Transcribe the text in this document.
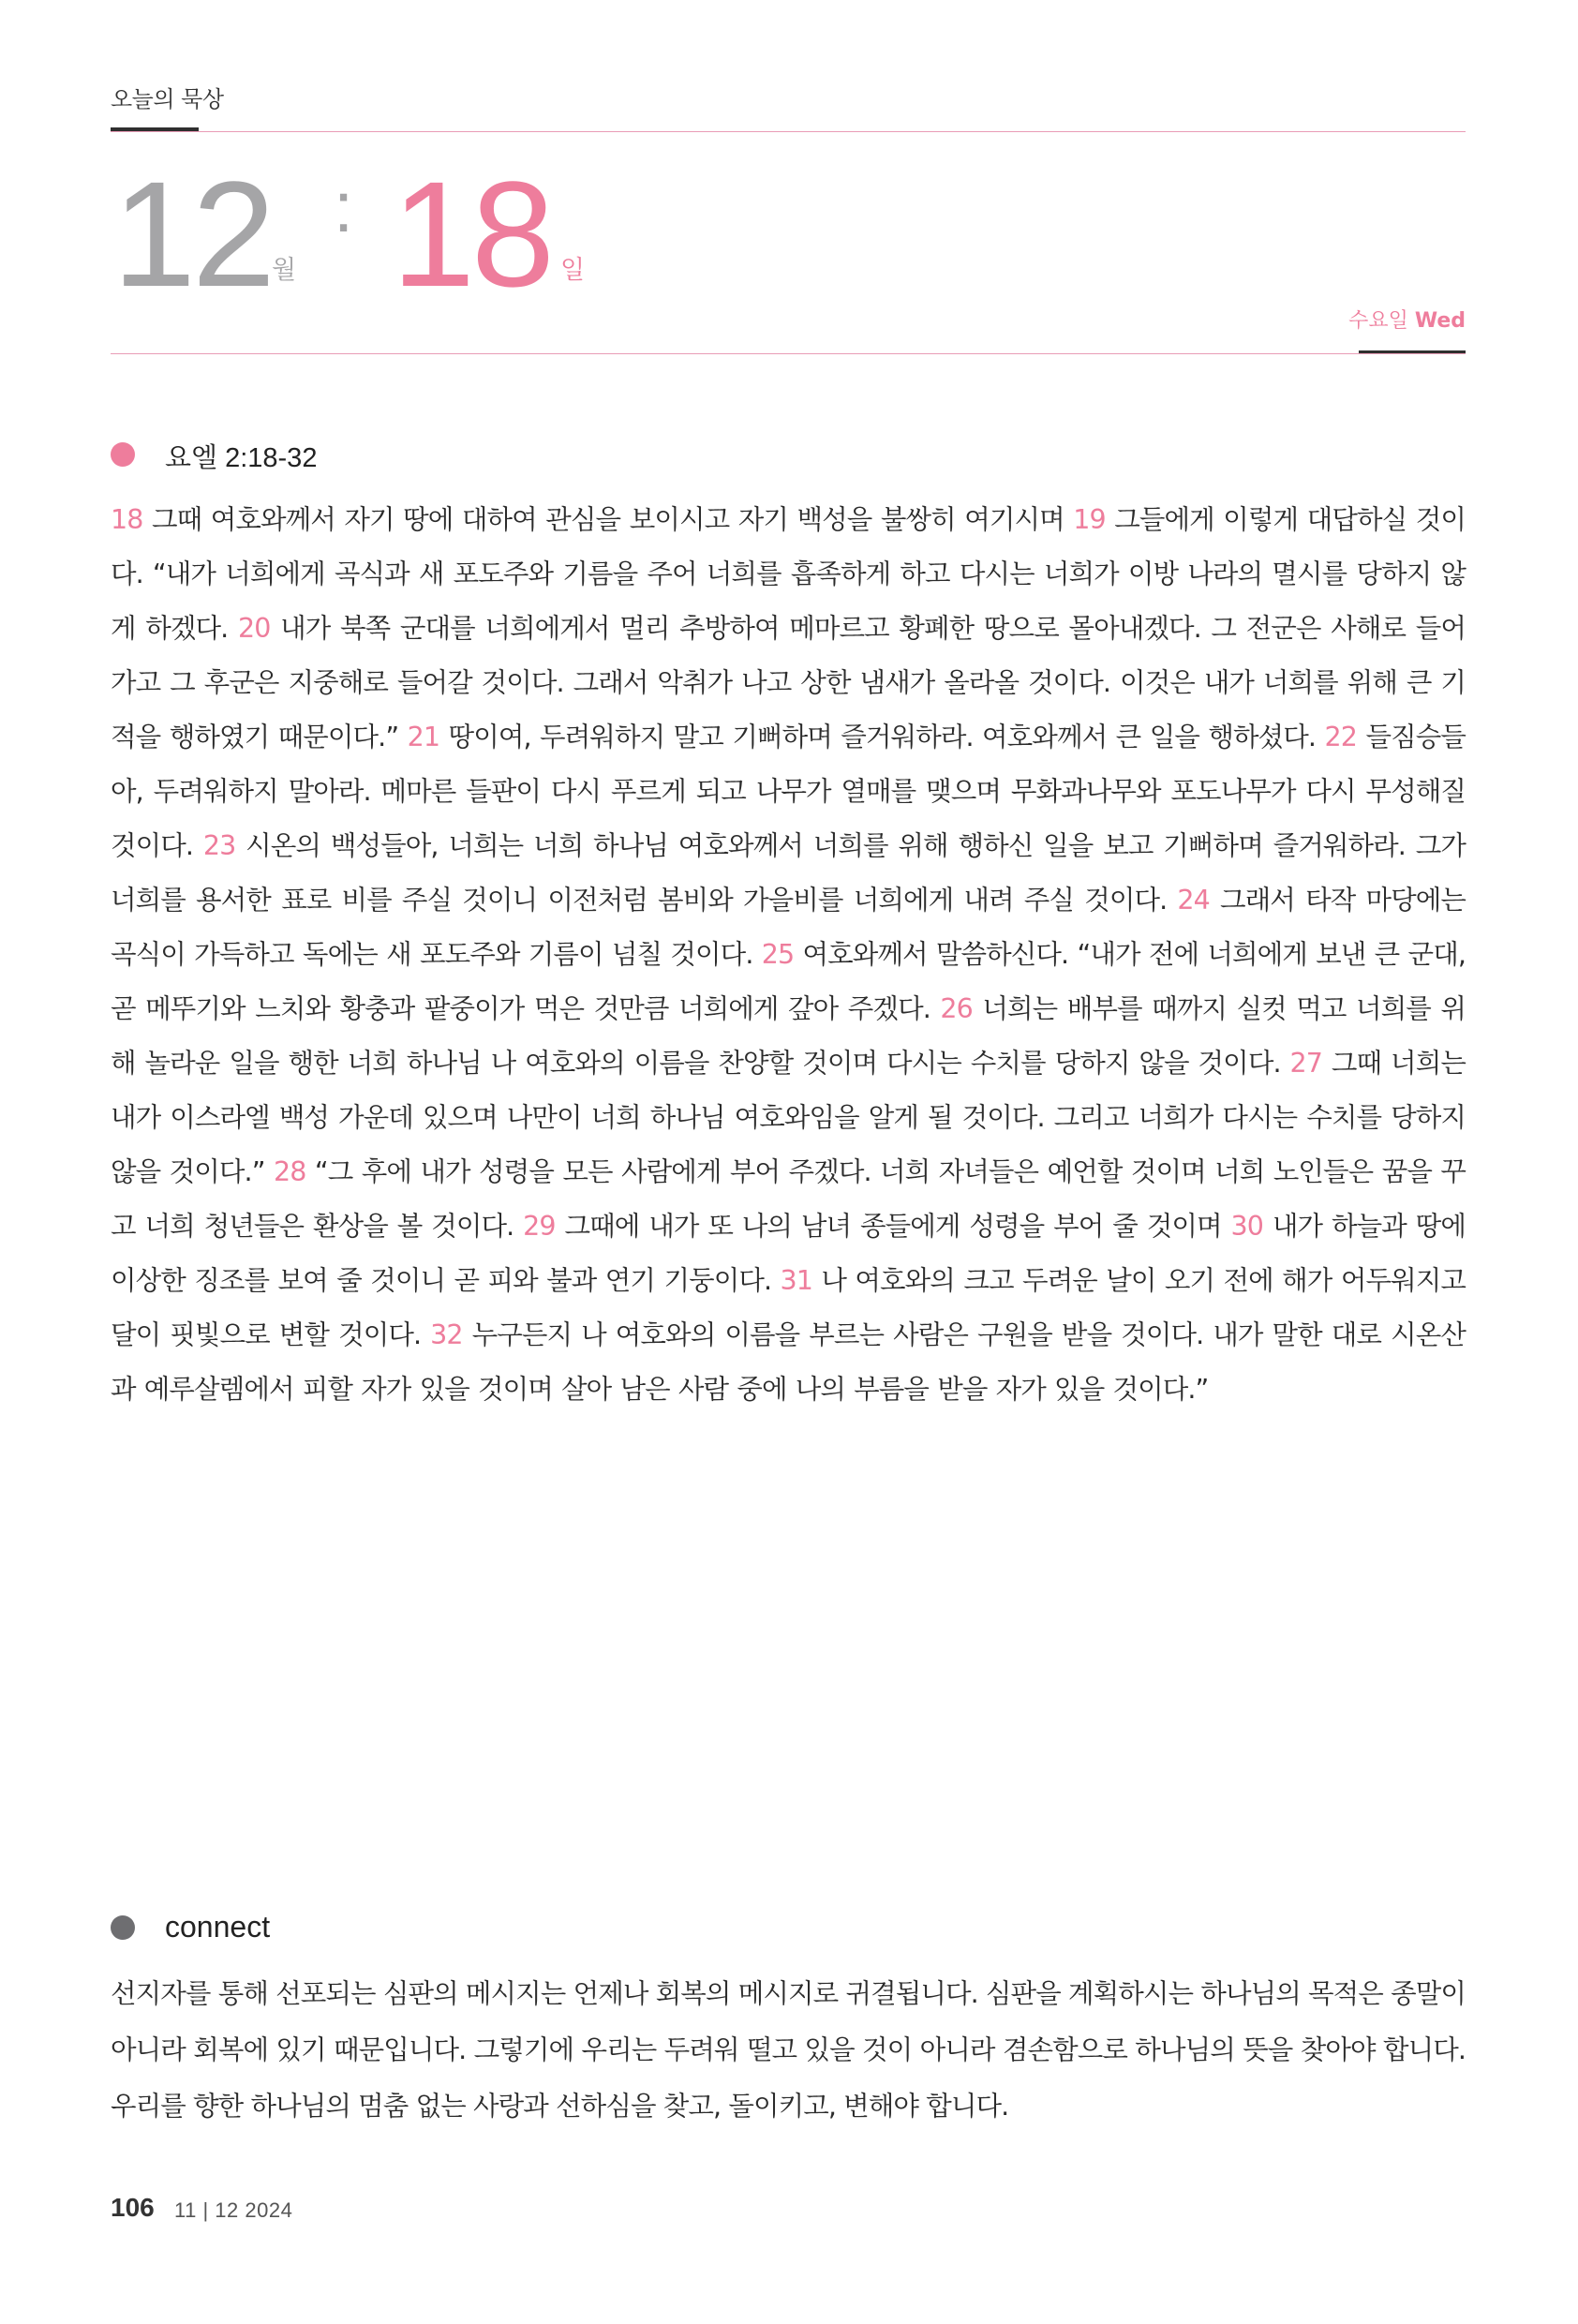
오늘의 묵상
12 월
: 18 일
수요일 Wed
요엘 2:18-32
18 그때 여호와께서 자기 땅에 대하여 관심을 보이시고 자기 백성을 불쌍히 여기시며 19 그들에게 이렇게 대답하실 것이다. “내가 너희에게 곡식과 새 포도주와 기름을 주어 너희를 흡족하게 하고 다시는 너희가 이방 나라의 멸시를 당하지 않게 하겠다. 20 내가 북쪽 군대를 너희에게서 멀리 추방하여 메마르고 황폐한 땅으로 몰아내겠다. 그 전군은 사해로 들어가고 그 후군은 지중해로 들어갈 것이다. 그래서 악취가 나고 상한 냄새가 올라올 것이다. 이것은 내가 너희를 위해 큰 기적을 행하였기 때문이다.” 21 땅이여, 두려워하지 말고 기뻐하며 즐거워하라. 여호와께서 큰 일을 행하셨다. 22 들짐승들아, 두려워하지 말아라. 메마른 들판이 다시 푸르게 되고 나무가 열매를 맺으며 무화과나무와 포도나무가 다시 무성해질 것이다. 23 시온의 백성들아, 너희는 너희 하나님 여호와께서 너희를 위해 행하신 일을 보고 기뻐하며 즐거워하라. 그가 너희를 용서한 표로 비를 주실 것이니 이전처럼 봄비와 가을비를 너희에게 내려 주실 것이다. 24 그래서 타작 마당에는 곡식이 가득하고 독에는 새 포도주와 기름이 넘칠 것이다. 25 여호와께서 말씀하신다. “내가 전에 너희에게 보낸 큰 군대, 곧 메뚜기와 느치와 황충과 팥중이가 먹은 것만큼 너희에게 갚아 주겠다. 26 너희는 배부를 때까지 실컷 먹고 너희를 위해 놀라운 일을 행한 너희 하나님 나 여호와의 이름을 찬양할 것이며 다시는 수치를 당하지 않을 것이다. 27 그때 너희는 내가 이스라엘 백성 가운데 있으며 나만이 너희 하나님 여호와임을 알게 될 것이다. 그리고 너희가 다시는 수치를 당하지 않을 것이다.” 28 “그 후에 내가 성령을 모든 사람에게 부어 주겠다. 너희 자녀들은 예언할 것이며 너희 노인들은 꿈을 꾸고 너희 청년들은 환상을 볼 것이다. 29 그때에 내가 또 나의 남녀 종들에게 성령을 부어 줄 것이며 30 내가 하늘과 땅에 이상한 징조를 보여 줄 것이니 곧 피와 불과 연기 기둥이다. 31 나 여호와의 크고 두려운 날이 오기 전에 해가 어두워지고 달이 핏빛으로 변할 것이다. 32 누구든지 나 여호와의 이름을 부르는 사람은 구원을 받을 것이다. 내가 말한 대로 시온산과 예루살렘에서 피할 자가 있을 것이며 살아 남은 사람 중에 나의 부름을 받을 자가 있을 것이다.”
connect
선지자를 통해 선포되는 심판의 메시지는 언제나 회복의 메시지로 귀결됩니다. 심판을 계획하시는 하나님의 목적은 종말이 아니라 회복에 있기 때문입니다. 그렇기에 우리는 두려워 떨고 있을 것이 아니라 겸손함으로 하나님의 뜻을 찾아야 합니다. 우리를 향한 하나님의 멈춤 없는 사랑과 선하심을 찾고, 돌이키고, 변해야 합니다.
106 11 | 12 2024
